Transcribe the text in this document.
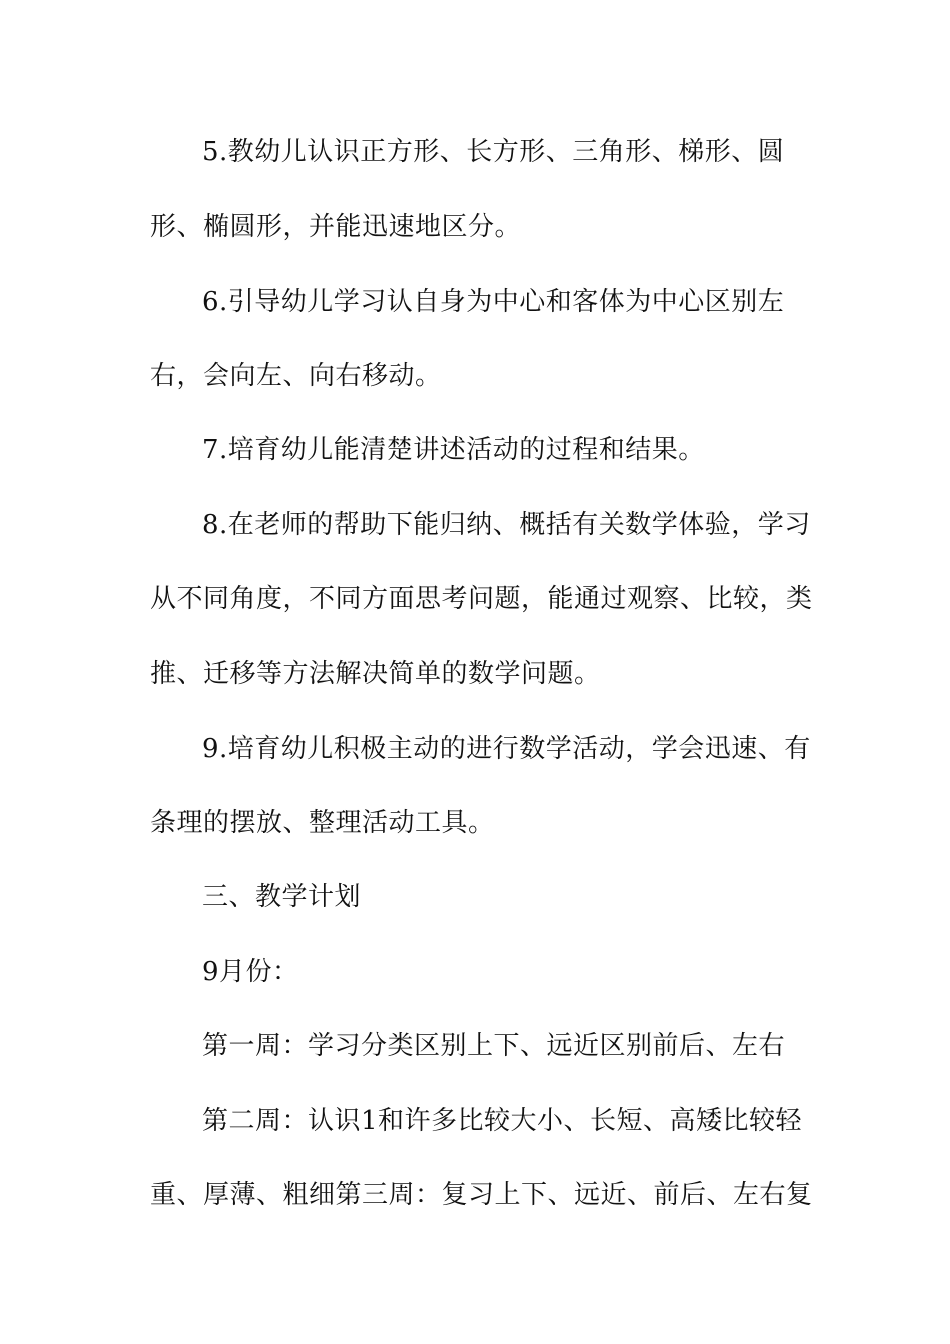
5.教幼儿认识正方形、长方形、三角形、梯形、圆
形、椭圆形，并能迅速地区分。
6.引导幼儿学习认自身为中心和客体为中心区别左
右，会向左、向右移动。
7.培育幼儿能清楚讲述活动的过程和结果。
8.在老师的帮助下能归纳、概括有关数学体验，学习
从不同角度，不同方面思考问题，能通过观察、比较，类
推、迁移等方法解决简单的数学问题。
9.培育幼儿积极主动的进行数学活动，学会迅速、有
条理的摆放、整理活动工具。
三、教学计划
9月份：
第一周：学习分类区别上下、远近区别前后、左右
第二周：认识1和许多比较大小、长短、高矮比较轻
重、厚薄、粗细第三周：复习上下、远近、前后、左右复
